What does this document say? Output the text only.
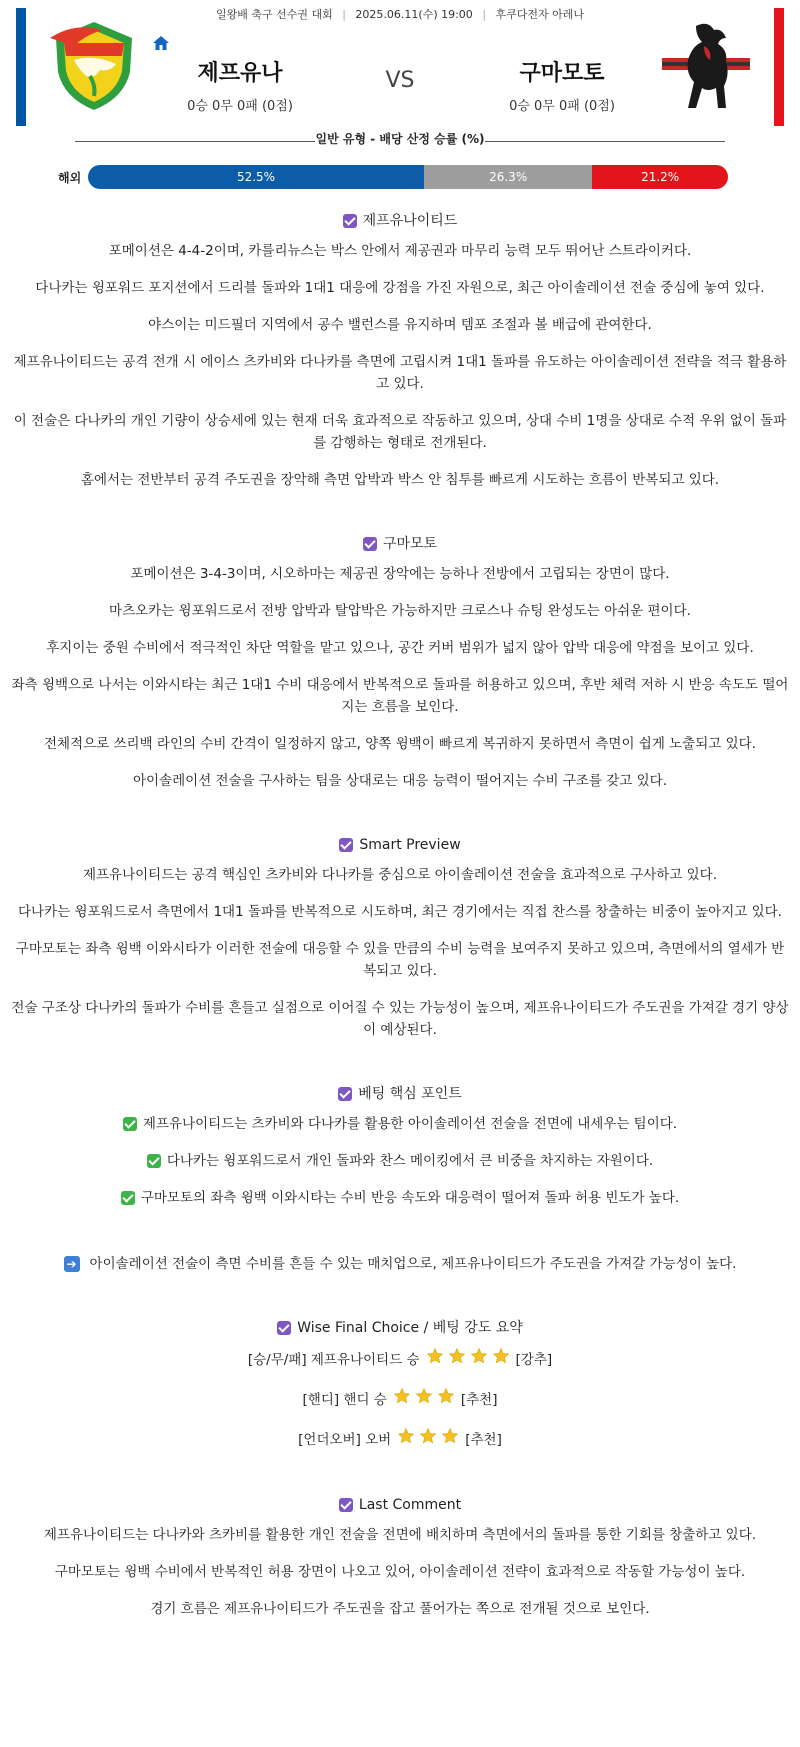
일왕배 축구 선수권 대회 | 2025.06.11(수) 19:00 | 후쿠다전자 아레나
제프유나
0승 0무 0패 (0점)
VS	구마모토
0승 0무 0패 (0점)
일반 유형 - 배당 산정 승률 (%)
해외	52.5%	26.3%	21.2%
제프유나이티드
포메이션은 4-4-2이며, 카를리뉴스는 박스 안에서 제공권과 마무리 능력 모두 뛰어난 스트라이커다.
다나카는 윙포워드 포지션에서 드리블 돌파와 1대1 대응에 강점을 가진 자원으로, 최근 아이솔레이션 전술 중심에 놓여 있다.
야스이는 미드필더 지역에서 공수 밸런스를 유지하며 템포 조절과 볼 배급에 관여한다.
제프유나이티드는 공격 전개 시 에이스 츠카비와 다나카를 측면에 고립시켜 1대1 돌파를 유도하는 아이솔레이션 전략을 적극 활용하고 있다.
이 전술은 다나카의 개인 기량이 상승세에 있는 현재 더욱 효과적으로 작동하고 있으며, 상대 수비 1명을 상대로 수적 우위 없이 돌파를 감행하는 형태로 전개된다.
홈에서는 전반부터 공격 주도권을 장악해 측면 압박과 박스 안 침투를 빠르게 시도하는 흐름이 반복되고 있다.
구마모토
포메이션은 3-4-3이며, 시오하마는 제공권 장악에는 능하나 전방에서 고립되는 장면이 많다.
마츠오카는 윙포워드로서 전방 압박과 탈압박은 가능하지만 크로스나 슈팅 완성도는 아쉬운 편이다.
후지이는 중원 수비에서 적극적인 차단 역할을 맡고 있으나, 공간 커버 범위가 넓지 않아 압박 대응에 약점을 보이고 있다.
좌측 윙백으로 나서는 이와시타는 최근 1대1 수비 대응에서 반복적으로 돌파를 허용하고 있으며, 후반 체력 저하 시 반응 속도도 떨어지는 흐름을 보인다.
전체적으로 쓰리백 라인의 수비 간격이 일정하지 않고, 양쪽 윙백이 빠르게 복귀하지 못하면서 측면이 쉽게 노출되고 있다.
아이솔레이션 전술을 구사하는 팀을 상대로는 대응 능력이 떨어지는 수비 구조를 갖고 있다.
Smart Preview
제프유나이티드는 공격 핵심인 츠카비와 다나카를 중심으로 아이솔레이션 전술을 효과적으로 구사하고 있다.
다나카는 윙포워드로서 측면에서 1대1 돌파를 반복적으로 시도하며, 최근 경기에서는 직접 찬스를 창출하는 비중이 높아지고 있다.
구마모토는 좌측 윙백 이와시타가 이러한 전술에 대응할 수 있을 만큼의 수비 능력을 보여주지 못하고 있으며, 측면에서의 열세가 반복되고 있다.
전술 구조상 다나카의 돌파가 수비를 흔들고 실점으로 이어질 수 있는 가능성이 높으며, 제프유나이티드가 주도권을 가져갈 경기 양상이 예상된다.
베팅 핵심 포인트
제프유나이티드는 츠카비와 다나카를 활용한 아이솔레이션 전술을 전면에 내세우는 팀이다.
다나카는 윙포워드로서 개인 돌파와 찬스 메이킹에서 큰 비중을 차지하는 자원이다.
구마모토의 좌측 윙백 이와시타는 수비 반응 속도와 대응력이 떨어져 돌파 허용 빈도가 높다.
➔ 아이솔레이션 전술이 측면 수비를 흔들 수 있는 매치업으로, 제프유나이티드가 주도권을 가져갈 가능성이 높다.
Wise Final Choice / 베팅 강도 요약
[승/무/패] 제프유나이티드 승	[강추]
[핸디] 핸디 승	[추천]
[언더오버] 오버	[추천]
Last Comment
제프유나이티드는 다나카와 츠카비를 활용한 개인 전술을 전면에 배치하며 측면에서의 돌파를 통한 기회를 창출하고 있다.
구마모토는 윙백 수비에서 반복적인 허용 장면이 나오고 있어, 아이솔레이션 전략이 효과적으로 작동할 가능성이 높다.
경기 흐름은 제프유나이티드가 주도권을 잡고 풀어가는 쪽으로 전개될 것으로 보인다.
